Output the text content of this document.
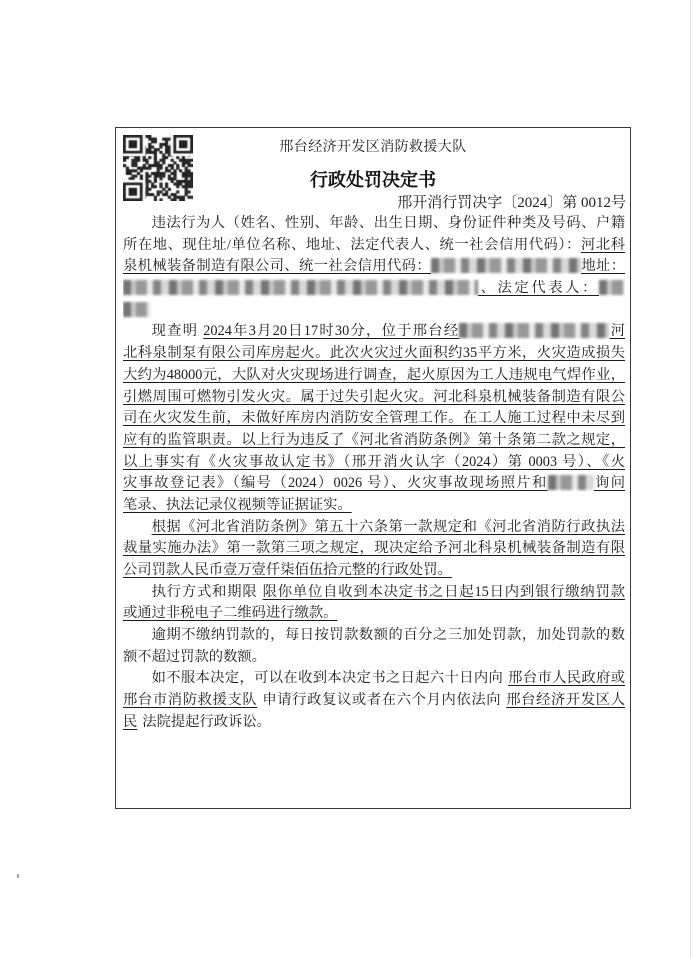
邢台经济开发区消防救援大队
行政处罚决定书
邢开消行罚决字〔2024〕第 0012号
违法行为人（姓名、性别、年龄、出生日期、身份证件种类及号码、户籍
所在地、现住址/单位名称、地址、法定代表人、统一社会信用代码）：河北科
泉机械装备制造有限公司、统一社会信用代码：	地址：
、法定代表人：
现查明 2024年3月20日17时30分，位于邢台经	河
北科泉制泵有限公司库房起火。此次火灾过火面积约35平方米，火灾造成损失
大约为48000元，大队对火灾现场进行调查，起火原因为工人违规电气焊作业，
引燃周围可燃物引发火灾。属于过失引起火灾。河北科泉机械装备制造有限公
司在火灾发生前，未做好库房内消防安全管理工作。在工人施工过程中未尽到
应有的监管职责。以上行为违反了《河北省消防条例》第十条第二款之规定，
以上事实有《火灾事故认定书》（邢开消火认字（2024）第 0003 号）、《火
灾事故登记表》（编号（2024）0026 号）、火灾事故现场照片和	询问
笔录、执法记录仪视频等证据证实。
根据《河北省消防条例》第五十六条第一款规定和《河北省消防行政执法
裁量实施办法》第一款第三项之规定，现决定给予河北科泉机械装备制造有限
公司罚款人民币壹万壹仟柒佰伍拾元整的行政处罚。
执行方式和期限 限你单位自收到本决定书之日起15日内到银行缴纳罚款
或通过非税电子二维码进行缴款。
逾期不缴纳罚款的，每日按罚款数额的百分之三加处罚款，加处罚款的数
额不超过罚款的数额。
如不服本决定，可以在收到本决定书之日起六十日内向 邢台市人民政府或
邢台市消防救援支队 申请行政复议或者在六个月内依法向 邢台经济开发区人
民 法院提起行政诉讼。
